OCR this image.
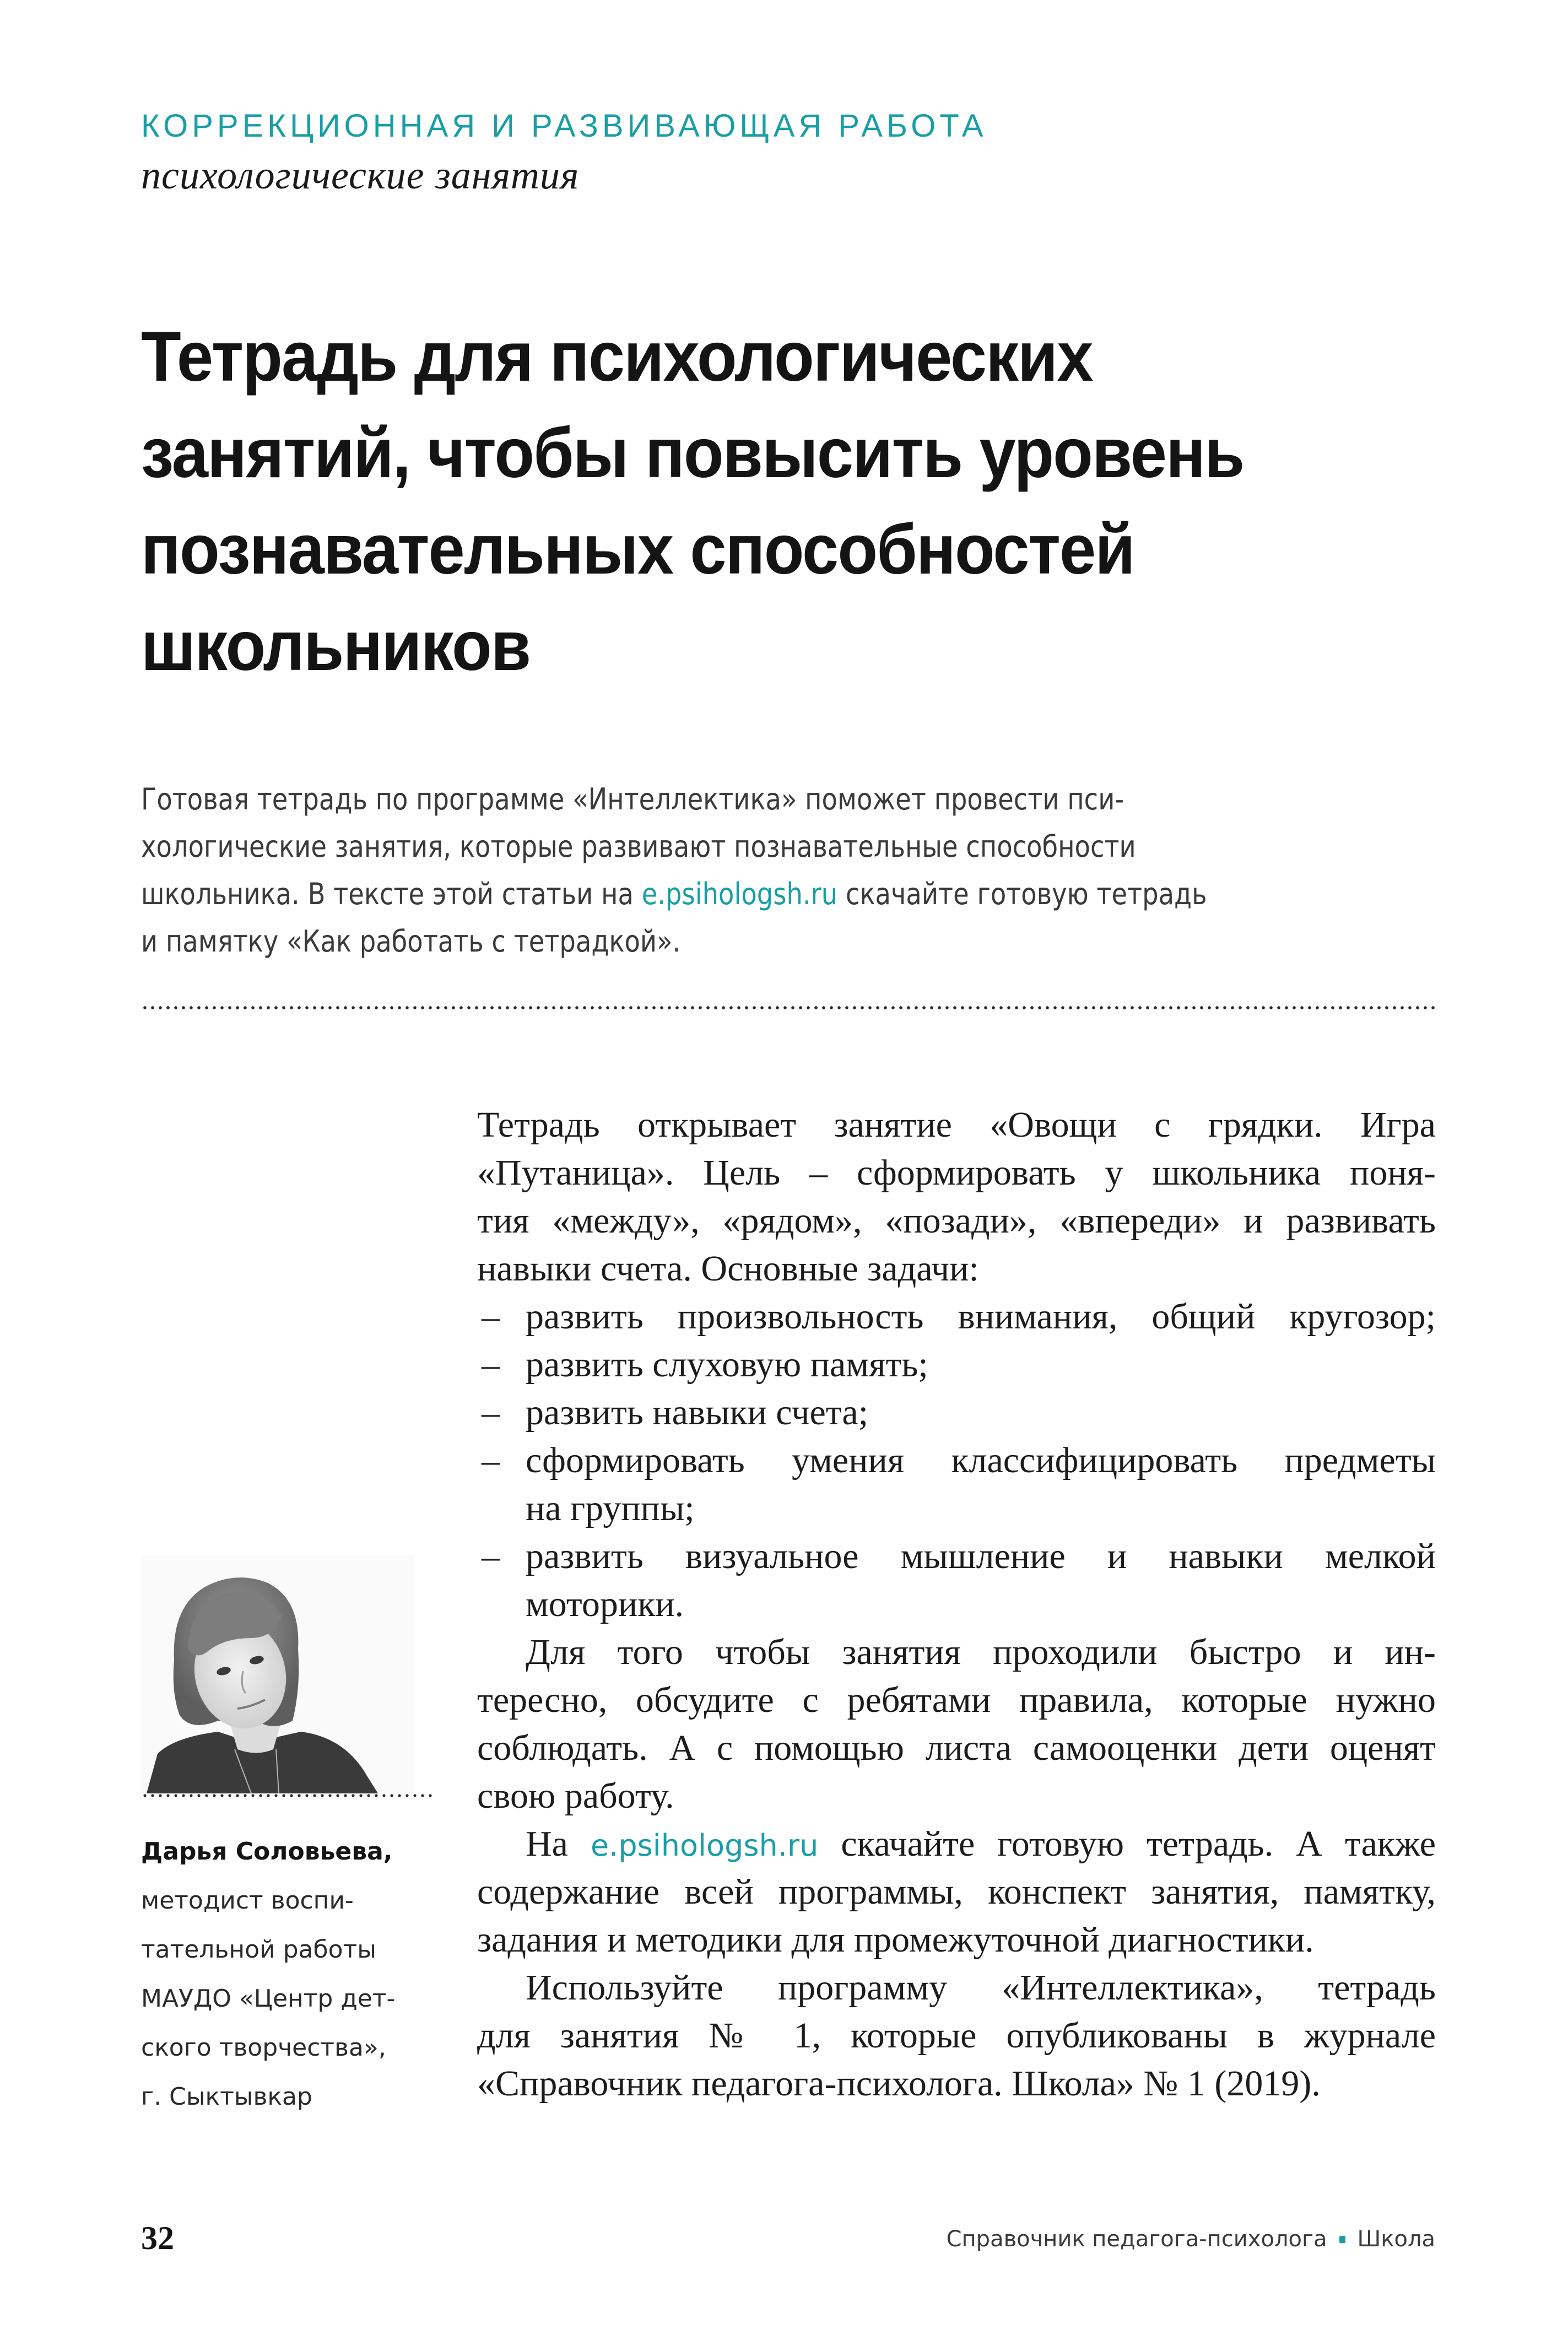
КОРРЕКЦИОННАЯ И РАЗВИВАЮЩАЯ РАБОТА
психологические занятия
Тетрадь для психологических
занятий, чтобы повысить уровень
познавательных способностей
школьников
Готовая тетрадь по программе «Интеллектика» поможет провести пси-
хологические занятия, которые развивают познавательные способности
школьника. В тексте этой статьи на e.psihologsh.ru скачайте готовую тетрадь
и памятку «Как работать с тетрадкой».
Тетрадь открывает занятие «Овощи с грядки. Игра
«Путаница». Цель – сформировать у школьника поня-
тия «между», «рядом», «позади», «впереди» и развивать
навыки счета. Основные задачи:
– развить произвольность внимания, общий кругозор;
– развить слуховую память;
– развить навыки счета;
– сформировать умения классифицировать предметы
на группы;
– развить визуальное мышление и навыки мелкой
моторики.
Для того чтобы занятия проходили быстро и ин-
тересно, обсудите с ребятами правила, которые нужно
соблюдать. А с помощью листа самооценки дети оценят
свою работу.
На e.psihologsh.ru скачайте готовую тетрадь. А также
содержание всей программы, конспект занятия, памятку,
задания и методики для промежуточной диагностики.
Используйте программу «Интеллектика», тетрадь
для занятия № 1, которые опубликованы в журнале
«Справочник педагога-психолога. Школа» № 1 (2019).
Дарья Соловьева,
методист воспи-
тательной работы
МАУДО «Центр дет-
ского творчества»,
г. Сыктывкар
32	Справочник педагога-психолога Школа
